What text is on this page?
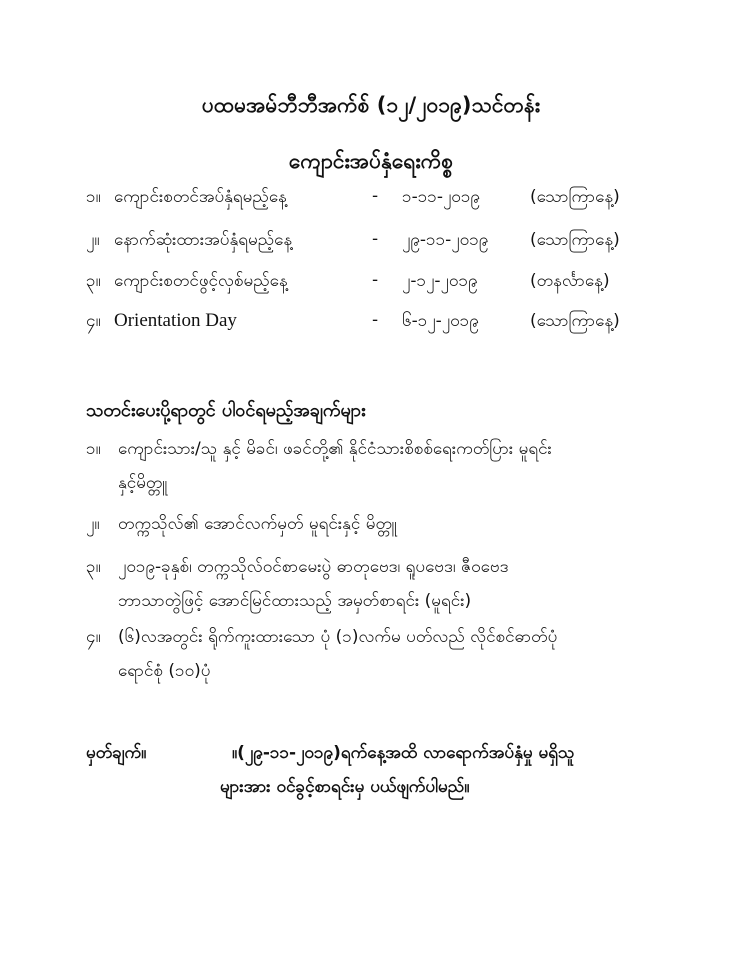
ပထမအမ်ဘီဘီအက်စ် (၁၂/၂၀၁၉)သင်တန်း
ကျောင်းအပ်နှံရေးကိစ္စ
၁။ ကျောင်းစတင်အပ်နှံရမည့်နေ့	- ၁-၁၁-၂၀၁၉	(သောကြာနေ့)
၂။ နောက်ဆုံးထားအပ်နှံရမည့်နေ့	- ၂၉-၁၁-၂၀၁၉ (သောကြာနေ့)
၃။ ကျောင်းစတင်ဖွင့်လှစ်မည့်နေ့	- ၂-၁၂-၂၀၁၉	(တနင်္လာနေ့)
၄။ Orientation Day	- ၆-၁၂-၂၀၁၉	(သောကြာနေ့)
သတင်းပေးပို့ရာတွင် ပါဝင်ရမည့်အချက်များ
၁။ ကျောင်းသား/သူ နှင့် မိခင်၊ ဖခင်တို့၏ နိုင်ငံသားစိစစ်ရေးကတ်ပြား မူရင်း
နှင့်မိတ္တူ
၂။ တက္ကသိုလ်၏ အောင်လက်မှတ် မူရင်းနှင့် မိတ္တူ
၃။ ၂၀၁၉-ခုနှစ်၊ တက္ကသိုလ်ဝင်စာမေးပွဲ ဓာတုဗေဒ၊ ရူပဗေဒ၊ ဇီဝဗေဒ
ဘာသာတွဲဖြင့် အောင်မြင်ထားသည့် အမှတ်စာရင်း (မူရင်း)
၄။ (၆)လအတွင်း ရိုက်ကူးထားသော ပုံ (၁)လက်မ ပတ်လည် လိုင်စင်ဓာတ်ပုံ
ရောင်စုံ (၁၀)ပုံ
မှတ်ချက်။	။(၂၉-၁၁-၂၀၁၉)ရက်နေ့အထိ လာရောက်အပ်နှံမှု မရှိသူ
များအား ဝင်ခွင့်စာရင်းမှ ပယ်ဖျက်ပါမည်။
